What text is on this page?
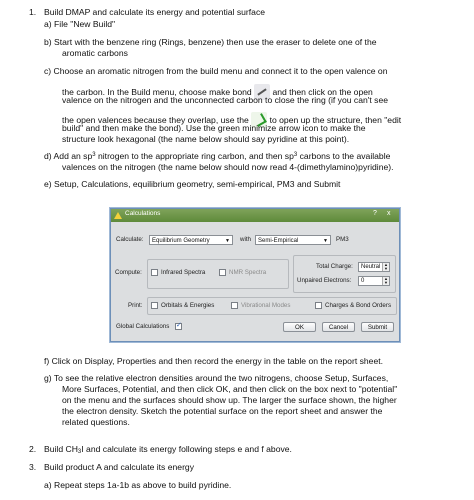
1. Build DMAP and calculate its energy and potential surface
a) File "New Build"
b) Start with the benzene ring (Rings, benzene) then use the eraser to delete one of the
aromatic carbons
c) Choose an aromatic nitrogen from the build menu and connect it to the open valence on
the carbon. In the Build menu, choose make bond and then click on the open
valence on the nitrogen and the unconnected carbon to close the ring (if you can't see
the open valences because they overlap, use the to open up the structure, then "edit
build" and then make the bond). Use the green minimize arrow icon to make the
structure look hexagonal (the name below should say pyridine at this point).
d) Add an $sp^3$ nitrogen to the appropriate ring carbon, and then $sp^3$ carbons to the available
valences on the nitrogen (the name below should now read 4-(dimethylamino)pyridine).
e) Setup, Calculations, equilibrium geometry, semi-empirical, PM3 and Submit
Calculations	? x
Calculate:	Equilibrium Geometry	▼ with	Semi-Empirical	▼ PM3
Total Charge:	Neutral ▲
▼
Unpaired Electrons:	0	▲
▼
Compute:	Infrared Spectra	NMR Spectra
Print:	Orbitals & Energies	Vibrational Modes	Charges & Bond Orders
Global Calculations
✓	OK	Cancel	Submit
f) Click on Display, Properties and then record the energy in the table on the report sheet.
g) To see the relative electron densities around the two nitrogens, choose Setup, Surfaces,
More Surfaces, Potential, and then click OK, and then click on the box next to "potential"
on the menu and the surfaces should show up. The larger the surface shown, the higher
the electron density. Sketch the potential surface on the report sheet and answer the
related questions.
2. Build $CH_3I$ and calculate its energy following steps e and f above.
3. Build product A and calculate its energy
a) Repeat steps 1a-1b as above to build pyridine.
